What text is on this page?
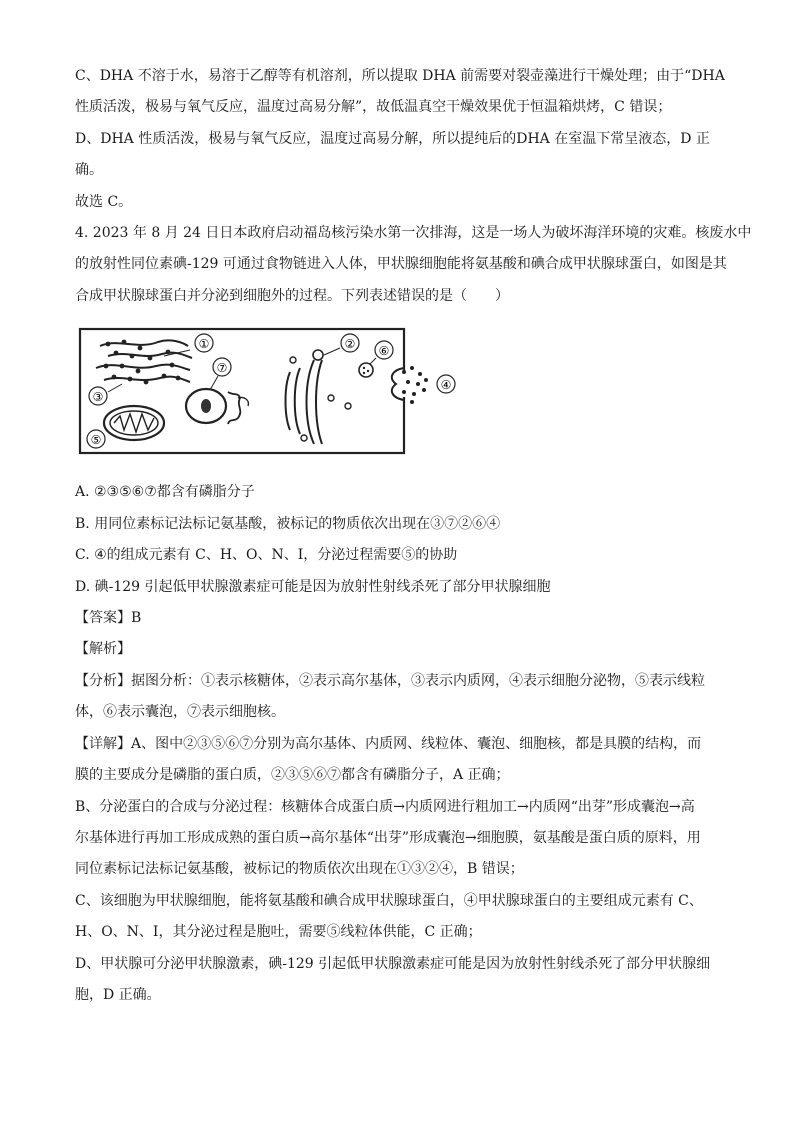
C、DHA 不溶于水，易溶于乙醇等有机溶剂，所以提取 DHA 前需要对裂壶藻进行干燥处理；由于“DHA
性质活泼，极易与氧气反应，温度过高易分解”，故低温真空干燥效果优于恒温箱烘烤，C 错误；
D、DHA 性质活泼，极易与氧气反应，温度过高易分解，所以提纯后的DHA 在室温下常呈液态，D 正
确。
故选 C。
4. 2023 年 8 月 24 日日本政府启动福岛核污染水第一次排海，这是一场人为破坏海洋环境的灾难。核废水中
的放射性同位素碘-129 可通过食物链进入人体，甲状腺细胞能将氨基酸和碘合成甲状腺球蛋白，如图是其
合成甲状腺球蛋白并分泌到细胞外的过程。下列表述错误的是（　　）
①
③
⑤
⑦
② ⑥
④
A. ②③⑤⑥⑦都含有磷脂分子
B. 用同位素标记法标记氨基酸，被标记的物质依次出现在③⑦②⑥④
C. ④的组成元素有 C、H、O、N、I，分泌过程需要⑤的协助
D. 碘-129 引起低甲状腺激素症可能是因为放射性射线杀死了部分甲状腺细胞
【答案】B
【解析】
【分析】据图分析：①表示核糖体，②表示高尔基体，③表示内质网，④表示细胞分泌物，⑤表示线粒
体，⑥表示囊泡，⑦表示细胞核。
【详解】A、图中②③⑤⑥⑦分别为高尔基体、内质网、线粒体、囊泡、细胞核，都是具膜的结构，而
膜的主要成分是磷脂的蛋白质，②③⑤⑥⑦都含有磷脂分子，A 正确；
B、分泌蛋白的合成与分泌过程：核糖体合成蛋白质→内质网进行粗加工→内质网“出芽”形成囊泡→高
尔基体进行再加工形成成熟的蛋白质→高尔基体“出芽”形成囊泡→细胞膜，氨基酸是蛋白质的原料，用
同位素标记法标记氨基酸，被标记的物质依次出现在①③②④，B 错误；
C、该细胞为甲状腺细胞，能将氨基酸和碘合成甲状腺球蛋白，④甲状腺球蛋白的主要组成元素有 C、
H、O、N、I，其分泌过程是胞吐，需要⑤线粒体供能，C 正确；
D、甲状腺可分泌甲状腺激素，碘-129 引起低甲状腺激素症可能是因为放射性射线杀死了部分甲状腺细
胞，D 正确。
